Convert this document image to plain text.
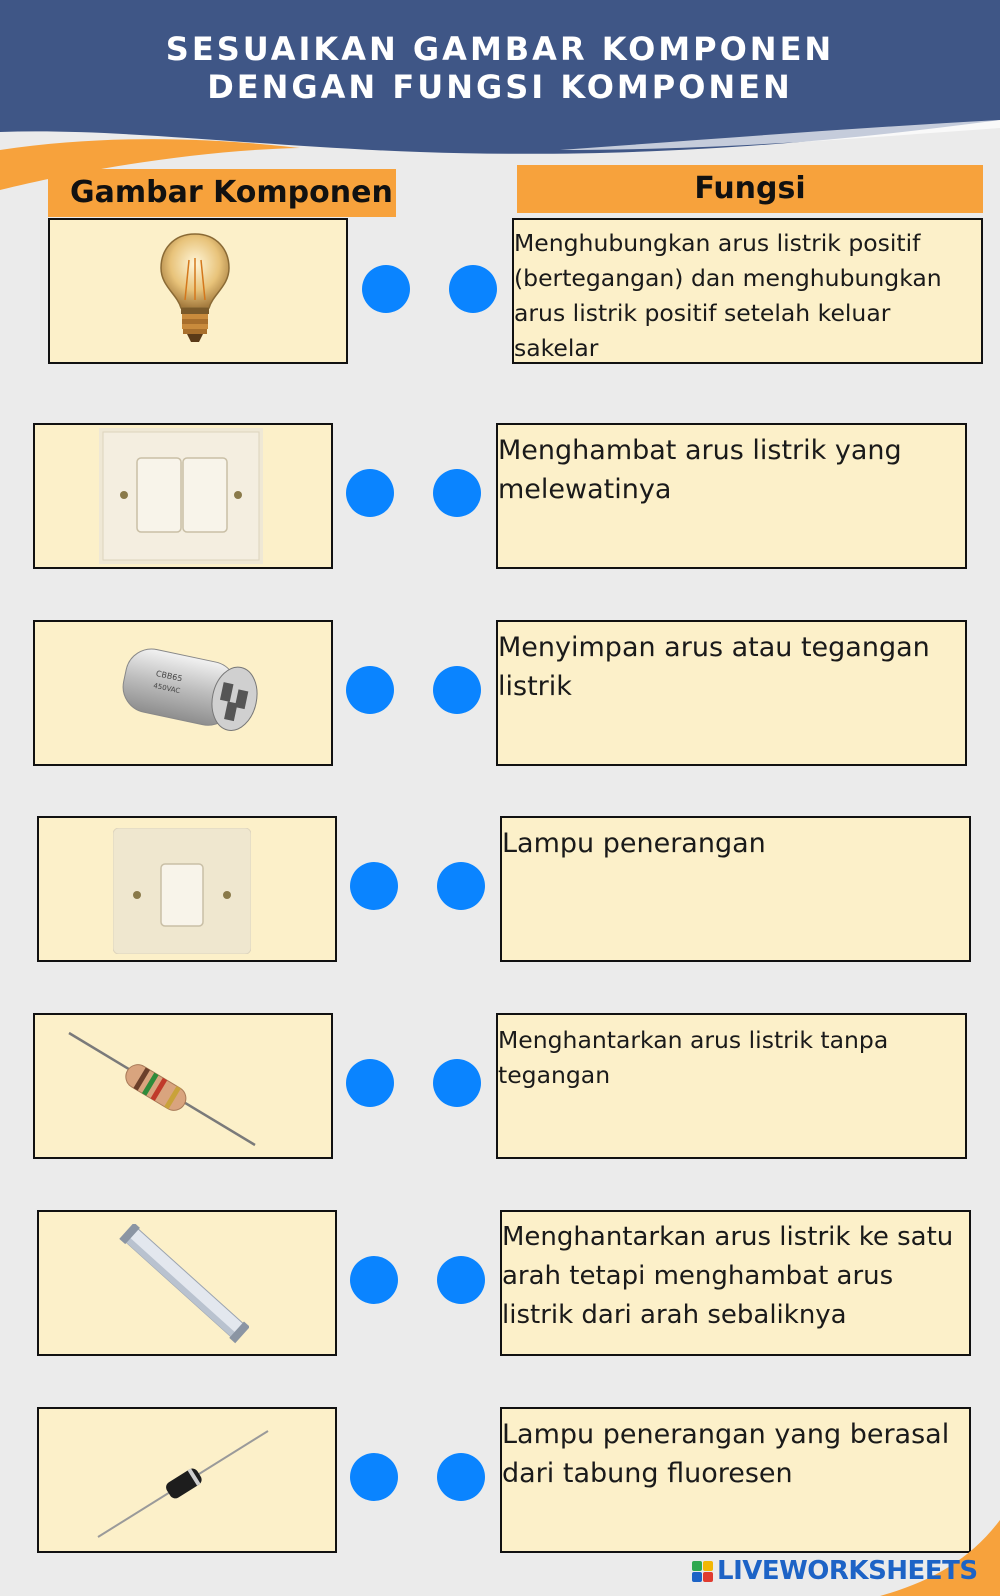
SESUAIKAN GAMBAR KOMPONEN
DENGAN FUNGSI KOMPONEN
Gambar Komponen	Fungsi
Menghubungkan arus listrik positif (bertegangan) dan menghubungkan arus listrik positif setelah keluar sakelar
Menghambat arus listrik yang melewatinya
CBB65
450VAC
Menyimpan arus atau tegangan listrik
Lampu penerangan
Menghantarkan arus listrik tanpa tegangan
Menghantarkan arus listrik ke satu arah tetapi menghambat arus listrik dari arah sebaliknya
Lampu penerangan yang berasal dari tabung fluoresen
LIVEWORKSHEETS
